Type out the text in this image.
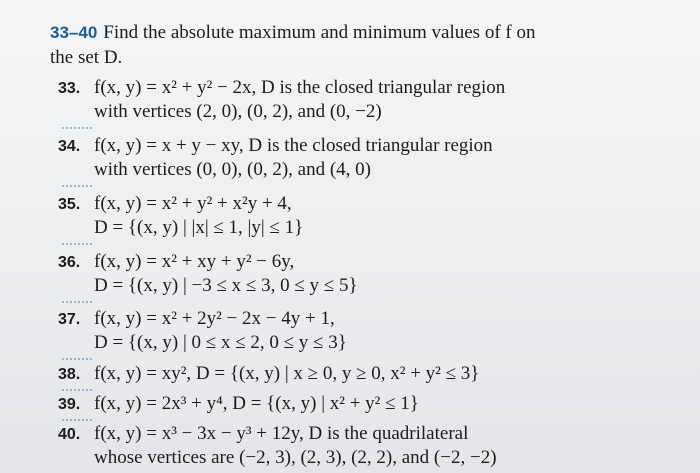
33–40 Find the absolute maximum and minimum values of f on
the set D.
33. f(x, y) = x² + y² − 2x, D is the closed triangular region
with vertices (2, 0), (0, 2), and (0, −2)
34. f(x, y) = x + y − xy, D is the closed triangular region
with vertices (0, 0), (0, 2), and (4, 0)
35. f(x, y) = x² + y² + x²y + 4,
D = {(x, y) | |x| ≤ 1, |y| ≤ 1}
36. f(x, y) = x² + xy + y² − 6y,
D = {(x, y) | −3 ≤ x ≤ 3, 0 ≤ y ≤ 5}
37. f(x, y) = x² + 2y² − 2x − 4y + 1,
D = {(x, y) | 0 ≤ x ≤ 2, 0 ≤ y ≤ 3}
38. f(x, y) = xy², D = {(x, y) | x ≥ 0, y ≥ 0, x² + y² ≤ 3}
39. f(x, y) = 2x³ + y⁴, D = {(x, y) | x² + y² ≤ 1}
40. f(x, y) = x³ − 3x − y³ + 12y, D is the quadrilateral
whose vertices are (−2, 3), (2, 3), (2, 2), and (−2, −2)
